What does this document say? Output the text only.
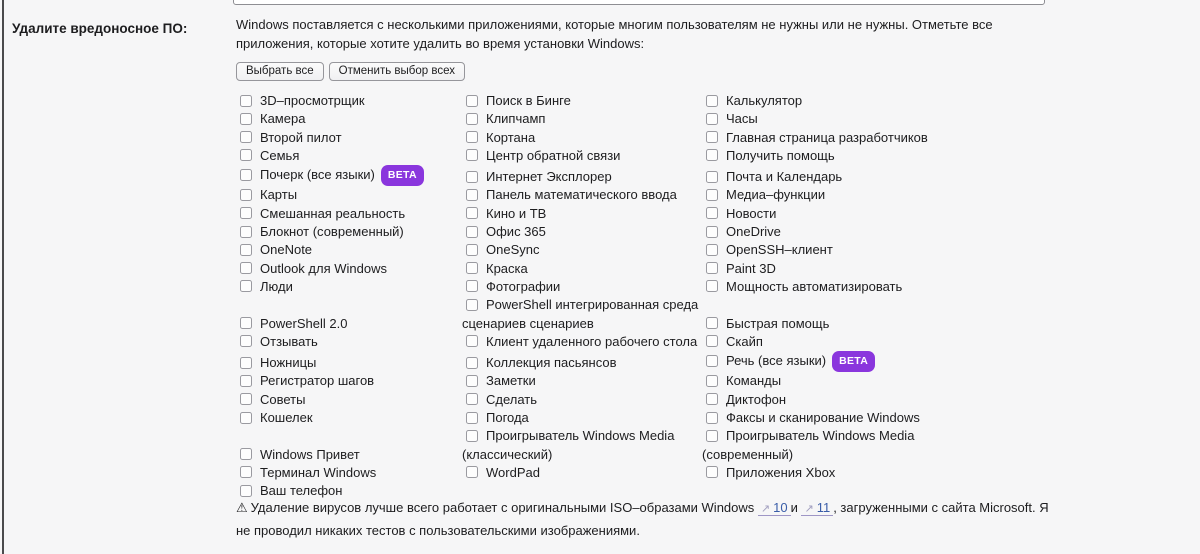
Удалите вредоносное ПО:	Windows поставляется с несколькими приложениями, которые многим пользователям не нужны или не нужны. Отметьте все приложения, которые хотите удалить во время установки Windows:
Выбрать все	Отменить выбор всех
3D–просмотрщик	Поиск в Бинге	Калькулятор
Камера	Клипчамп	Часы
Второй пилот	Кортана	Главная страница разработчиков
Семья	Центр обратной связи	Получить помощь
Почерк (все языки) BETA	Интернет Эксплорер	Почта и Календарь
Карты	Панель математического ввода	Медиа–функции
Смешанная реальность	Кино и ТВ	Новости
Блокнот (современный)	Офис 365	OneDrive
OneNote	OneSync	OpenSSH–клиент
Outlook для Windows	Краска	Paint 3D
Люди	Фотографии	Мощность автоматизировать
PowerShell 2.0	PowerShell интегрированная среда сценариев сценариев	Быстрая помощь
Отзывать	Клиент удаленного рабочего стола	Скайп
Ножницы	Коллекция пасьянсов	Речь (все языки) BETA
Регистратор шагов	Заметки	Команды
Советы	Сделать	Диктофон
Кошелек	Погода	Факсы и сканирование Windows
Windows Привет	Проигрыватель Windows Media (классический)	Проигрыватель Windows Media (современный)
Терминал Windows	WordPad	Приложения Xbox
Ваш телефон		
⚠ Удаление вирусов лучше всего работает с оригинальными ISO–образами Windows ↗ 10 и ↗ 11 , загруженными с сайта Microsoft. Я не проводил никаких тестов с пользовательскими изображениями.
